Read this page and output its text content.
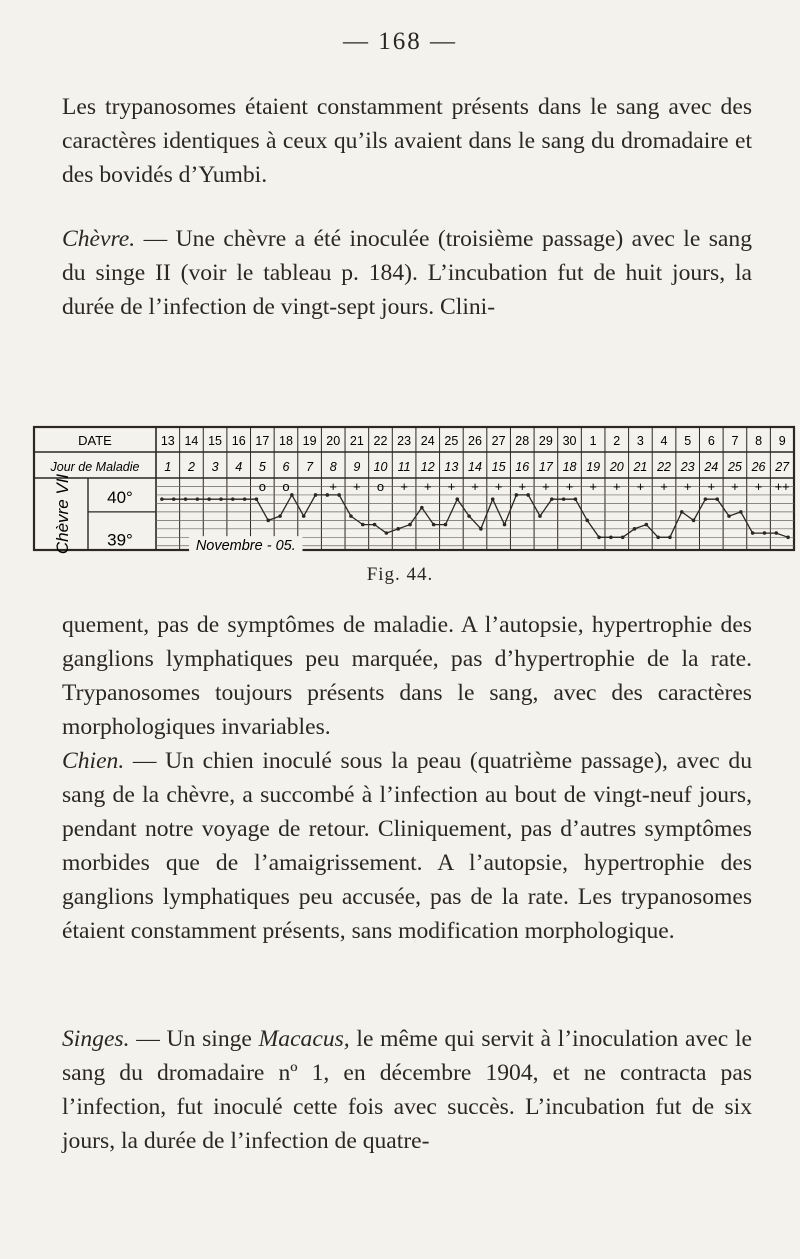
— 168 —

Les trypanosomes étaient constamment présents dans le sang avec des caractères identiques à ceux qu’ils avaient dans le sang du dromadaire et des bovidés d’Yumbi.

Chèvre. — Une chèvre a été inoculée (troisième passage) avec le sang du singe II (voir le tableau p. 184). L’incubation fut de huit jours, la durée de l’infection de vingt-sept jours. Clini-

DATE
Jour de Maladie
Chèvre VII 40°
39°
13 14 15 16 17 18 19 20 21 22 23 24 25 26 27 28 29 30 1 2 3 4 5 6 7 8 9
1 2 3 4 5 6 7 8 9 10 11 12 13 14 15 16 17 18 19 20 21 22 23 24 25 26 27
o o	+ + o + + + + + + + + + + + + + + + + ++
Novembre - 05.
Fig. 44.

quement, pas de symptômes de maladie. A l’autopsie, hypertrophie des ganglions lymphatiques peu marquée, pas d’hypertrophie de la rate. Trypanosomes toujours présents dans le sang, avec des caractères morphologiques invariables.

Chien. — Un chien inoculé sous la peau (quatrième passage), avec du sang de la chèvre, a succombé à l’infection au bout de vingt-neuf jours, pendant notre voyage de retour. Cliniquement, pas d’autres symptômes morbides que de l’amaigrissement. A l’autopsie, hypertrophie des ganglions lymphatiques peu accusée, pas de la rate. Les trypanosomes étaient constamment présents, sans modification morphologique.

Singes. — Un singe Macacus, le même qui servit à l’inoculation avec le sang du dromadaire nº 1, en décembre 1904, et ne contracta pas l’infection, fut inoculé cette fois avec succès. L’incubation fut de six jours, la durée de l’infection de quatre-
